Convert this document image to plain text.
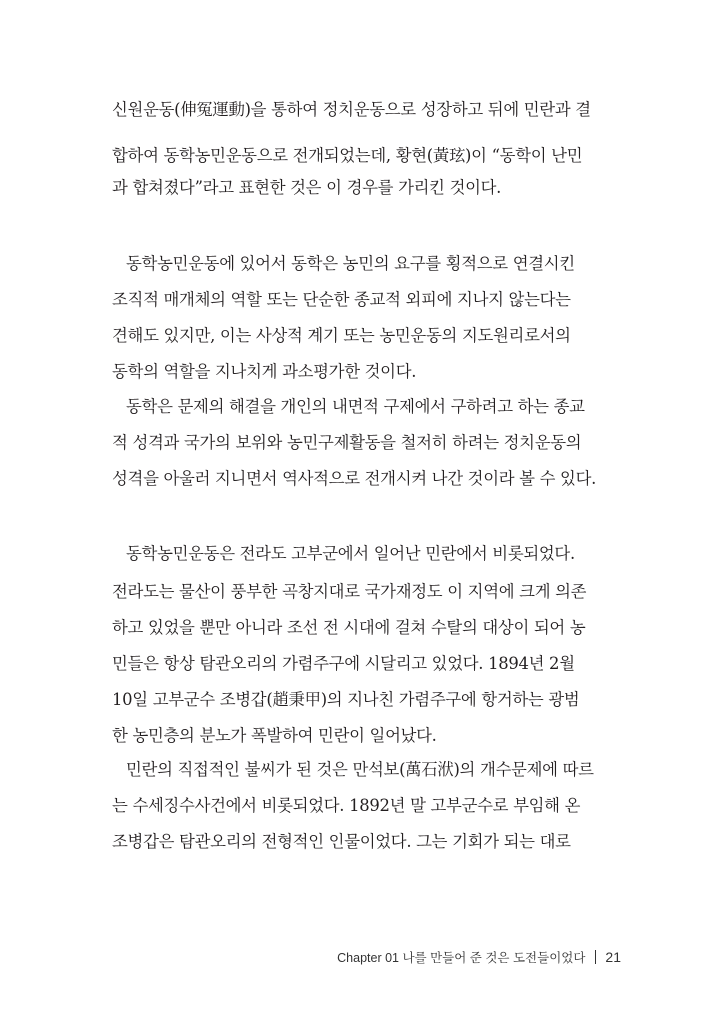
신원운동(伸冤運動)을 통하여 정치운동으로 성장하고 뒤에 민란과 결
합하여 동학농민운동으로 전개되었는데, 황현(黃玹)이 “동학이 난민
과 합쳐졌다”라고 표현한 것은 이 경우를 가리킨 것이다.
동학농민운동에 있어서 동학은 농민의 요구를 횡적으로 연결시킨
조직적 매개체의 역할 또는 단순한 종교적 외피에 지나지 않는다는
견해도 있지만, 이는 사상적 계기 또는 농민운동의 지도원리로서의
동학의 역할을 지나치게 과소평가한 것이다.
동학은 문제의 해결을 개인의 내면적 구제에서 구하려고 하는 종교
적 성격과 국가의 보위와 농민구제활동을 철저히 하려는 정치운동의
성격을 아울러 지니면서 역사적으로 전개시켜 나간 것이라 볼 수 있다.
동학농민운동은 전라도 고부군에서 일어난 민란에서 비롯되었다.
전라도는 물산이 풍부한 곡창지대로 국가재정도 이 지역에 크게 의존
하고 있었을 뿐만 아니라 조선 전 시대에 걸쳐 수탈의 대상이 되어 농
민들은 항상 탐관오리의 가렴주구에 시달리고 있었다. 1894년 2월
10일 고부군수 조병갑(趙秉甲)의 지나친 가렴주구에 항거하는 광범
한 농민층의 분노가 폭발하여 민란이 일어났다.
민란의 직접적인 불씨가 된 것은 만석보(萬石洑)의 개수문제에 따르
는 수세징수사건에서 비롯되었다. 1892년 말 고부군수로 부임해 온
조병갑은 탐관오리의 전형적인 인물이었다. 그는 기회가 되는 대로
Chapter 01 나를 만들어 준 것은 도전들이었다 21
